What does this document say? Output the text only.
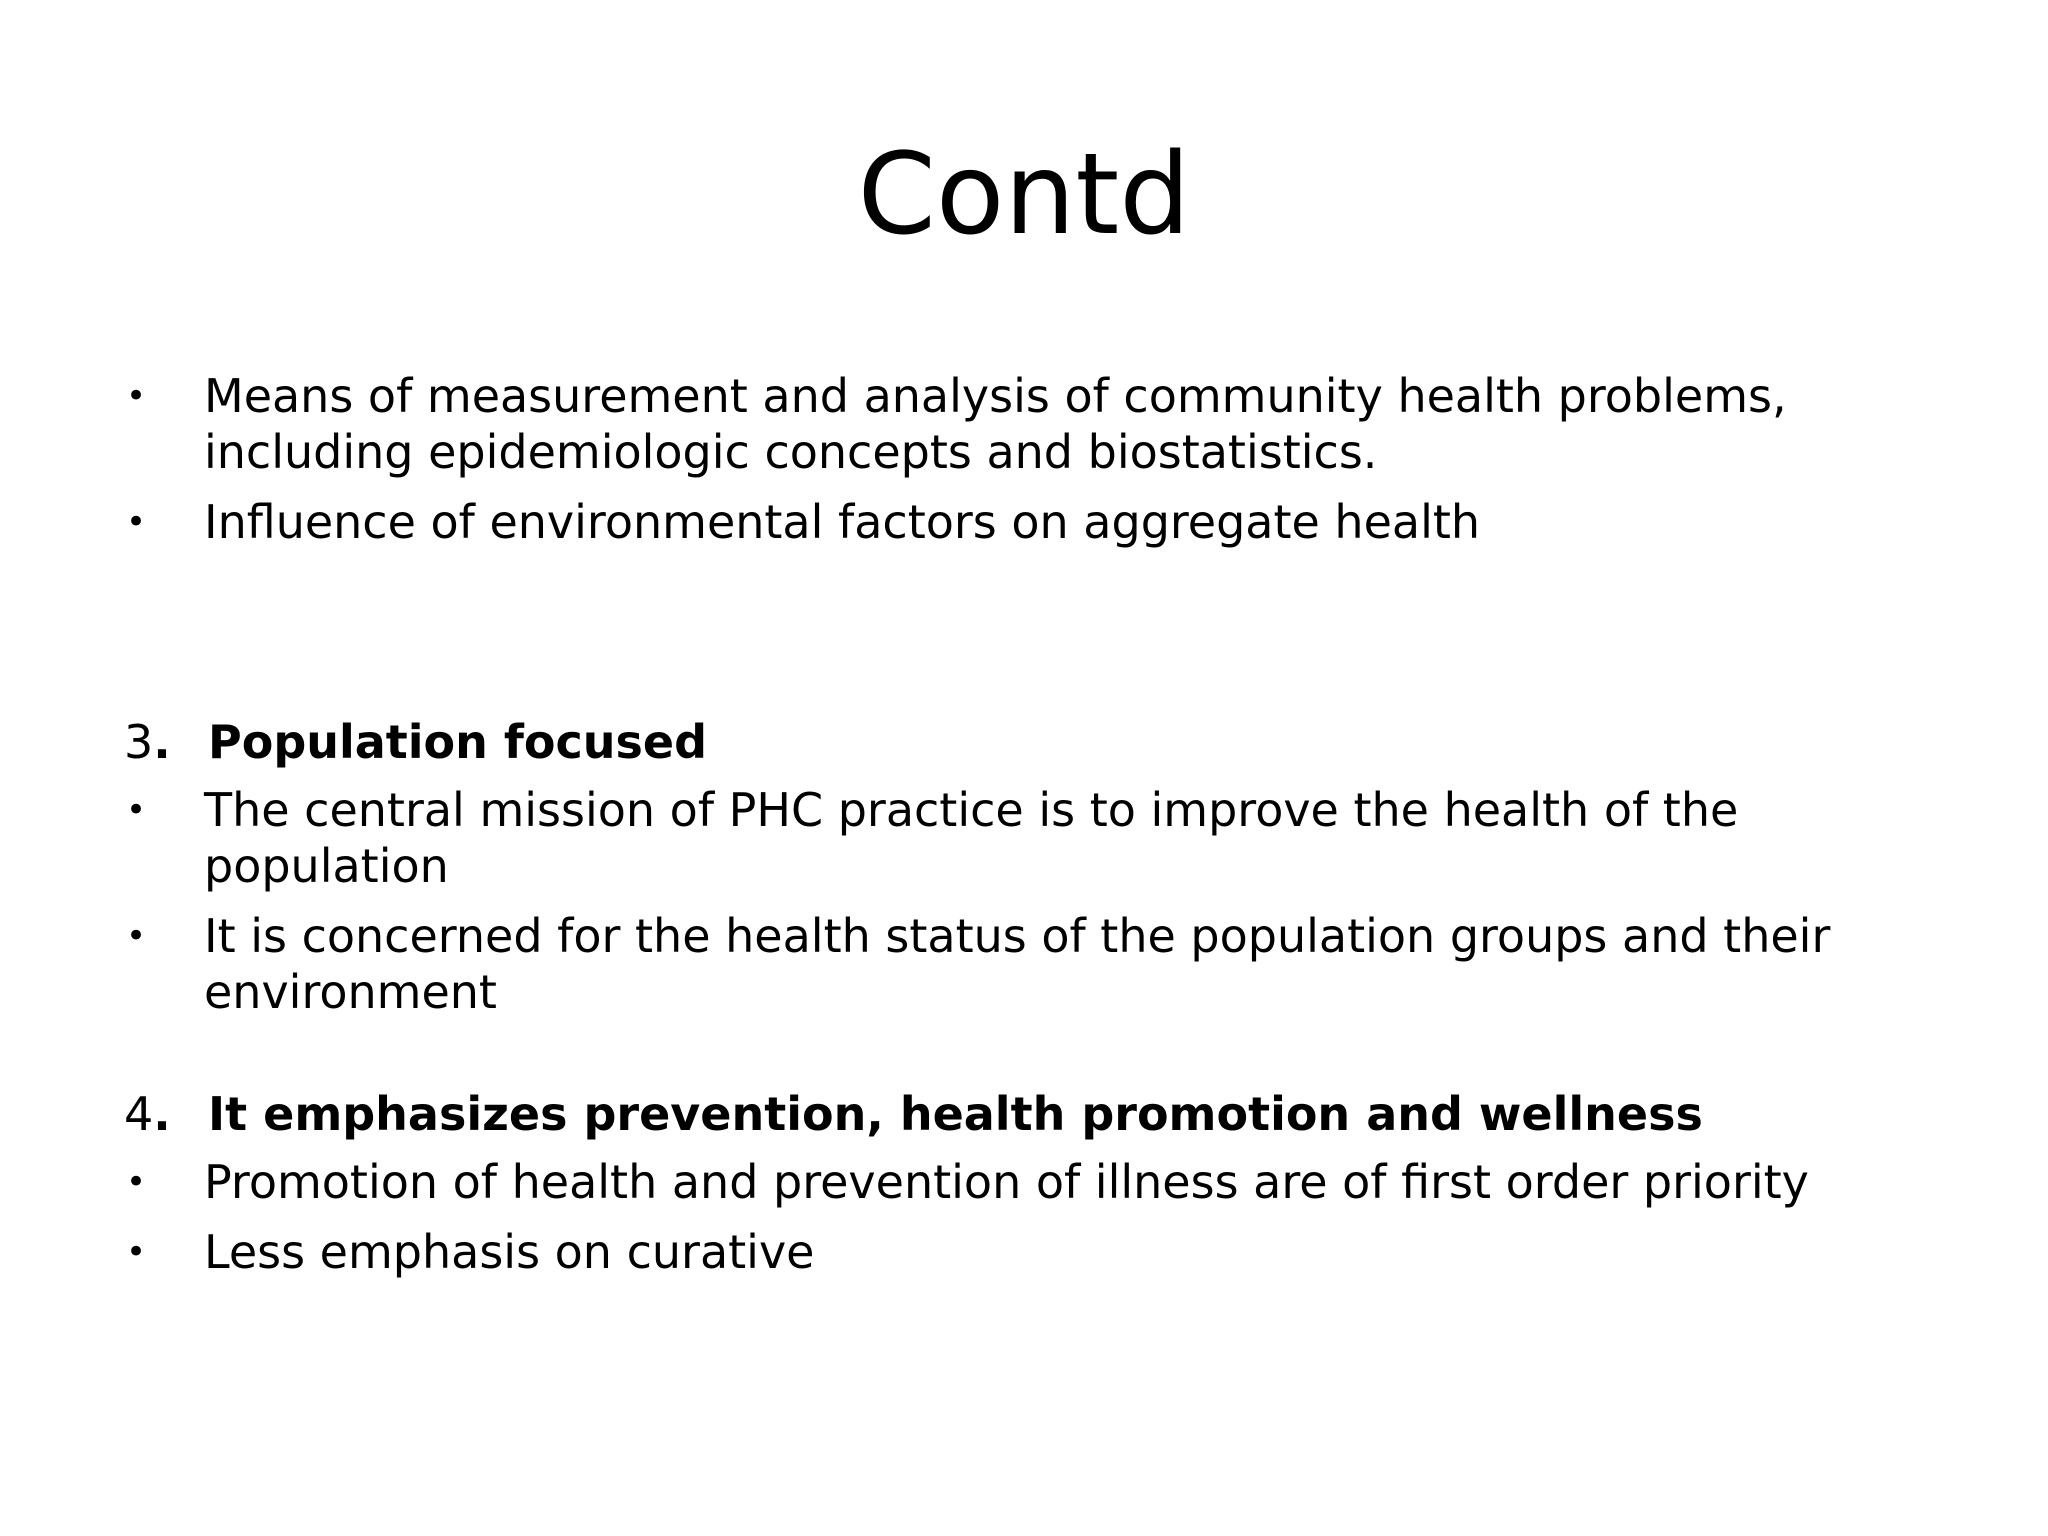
Contd
•	Means of measurement and analysis of community health problems, including epidemiologic concepts and biostatistics.
•	Influence of environmental factors on aggregate health
3. Population focused
•	The central mission of PHC practice is to improve the health of the population
•	It is concerned for the health status of the population groups and their environment
4. It emphasizes prevention, health promotion and wellness
•	Promotion of health and prevention of illness are of first order priority
•	Less emphasis on curative
